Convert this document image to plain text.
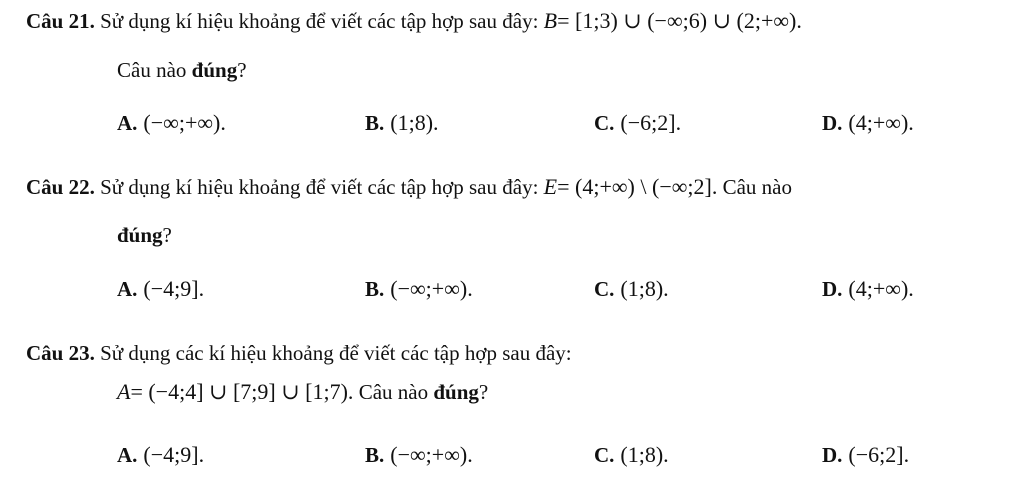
Câu 21. Sử dụng kí hiệu khoảng để viết các tập hợp sau đây: B= [1;3) ∪ (−∞;6) ∪ (2;+∞).
Câu nào đúng?
A. (−∞;+∞).	B. (1;8).	C. (−6;2].	D. (4;+∞).
Câu 22. Sử dụng kí hiệu khoảng để viết các tập hợp sau đây: E= (4;+∞) \ (−∞;2]. Câu nào
đúng?
A. (−4;9].	B. (−∞;+∞).	C. (1;8).	D. (4;+∞).
Câu 23. Sử dụng các kí hiệu khoảng để viết các tập hợp sau đây:
A= (−4;4] ∪ [7;9] ∪ [1;7). Câu nào đúng?
A. (−4;9].	B. (−∞;+∞).	C. (1;8).	D. (−6;2].
